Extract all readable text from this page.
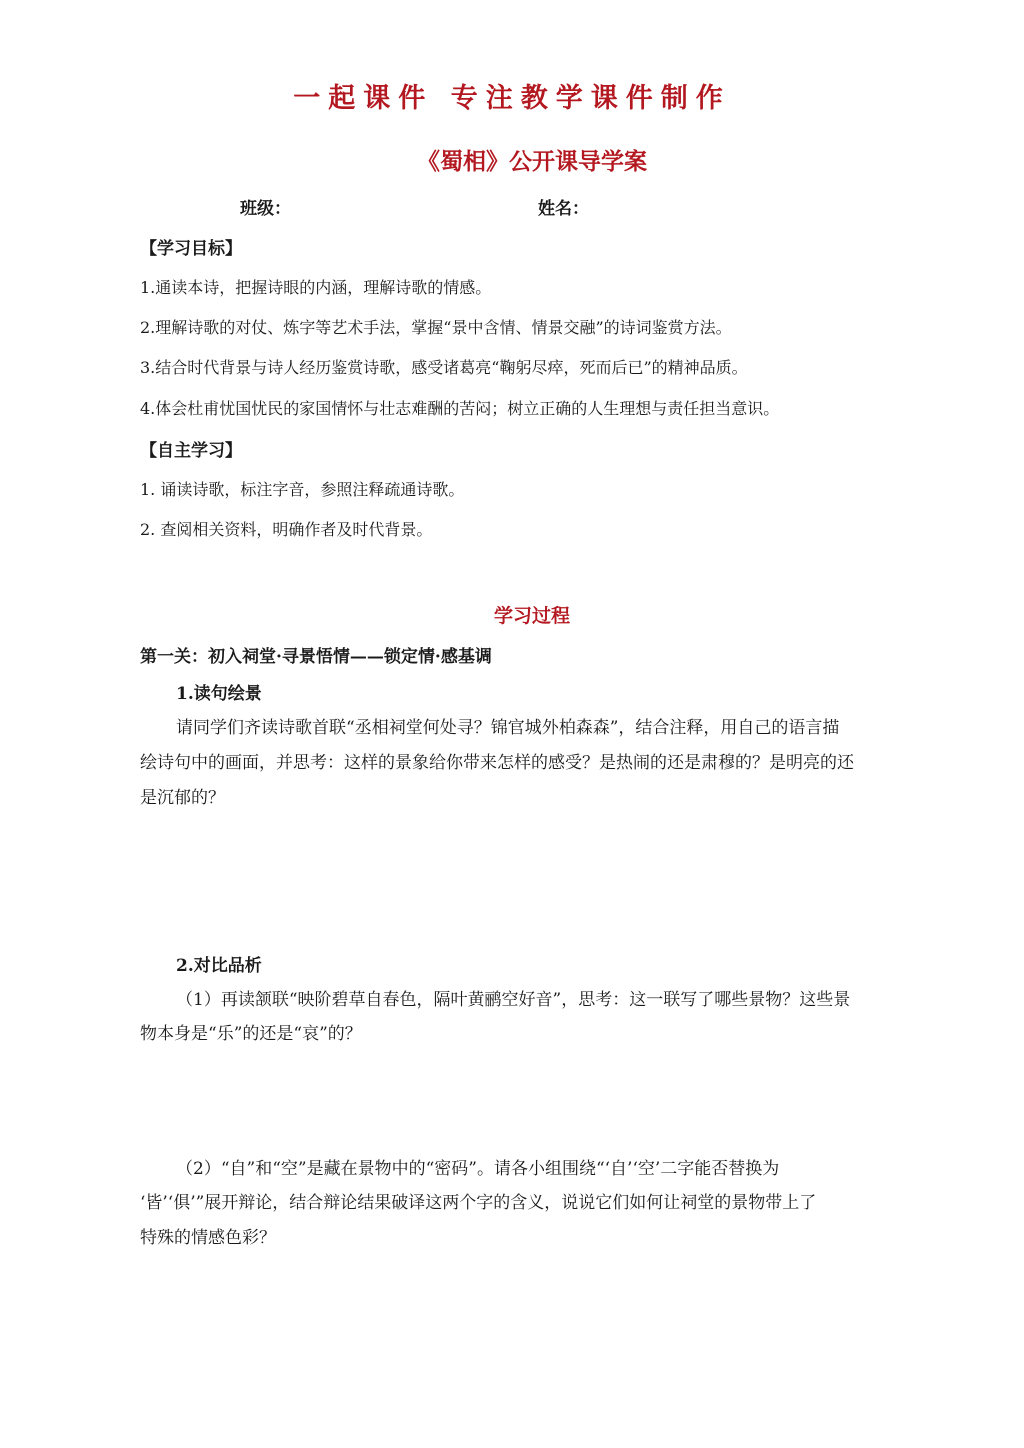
一起课件 专注教学课件制作
《蜀相》公开课导学案
班级：	姓名：
【学习目标】
1.通读本诗，把握诗眼的内涵，理解诗歌的情感。
2.理解诗歌的对仗、炼字等艺术手法，掌握“景中含情、情景交融”的诗词鉴赏方法。
3.结合时代背景与诗人经历鉴赏诗歌，感受诸葛亮“鞠躬尽瘁，死而后已”的精神品质。
4.体会杜甫忧国忧民的家国情怀与壮志难酬的苦闷；树立正确的人生理想与责任担当意识。
【自主学习】
1. 诵读诗歌，标注字音，参照注释疏通诗歌。
2. 查阅相关资料，明确作者及时代背景。
学习过程
第一关：初入祠堂·寻景悟情——锁定情·感基调
1.读句绘景
请同学们齐读诗歌首联“丞相祠堂何处寻？锦官城外柏森森”，结合注释，用自己的语言描
绘诗句中的画面，并思考：这样的景象给你带来怎样的感受？是热闹的还是肃穆的？是明亮的还
是沉郁的？
2.对比品析
（1）再读颔联“映阶碧草自春色，隔叶黄鹂空好音”，思考：这一联写了哪些景物？这些景
物本身是“乐”的还是“哀”的？
（2）“自”和“空”是藏在景物中的“密码”。请各小组围绕“‘自’‘空’二字能否替换为
‘皆’‘俱’”展开辩论，结合辩论结果破译这两个字的含义，说说它们如何让祠堂的景物带上了
特殊的情感色彩？
